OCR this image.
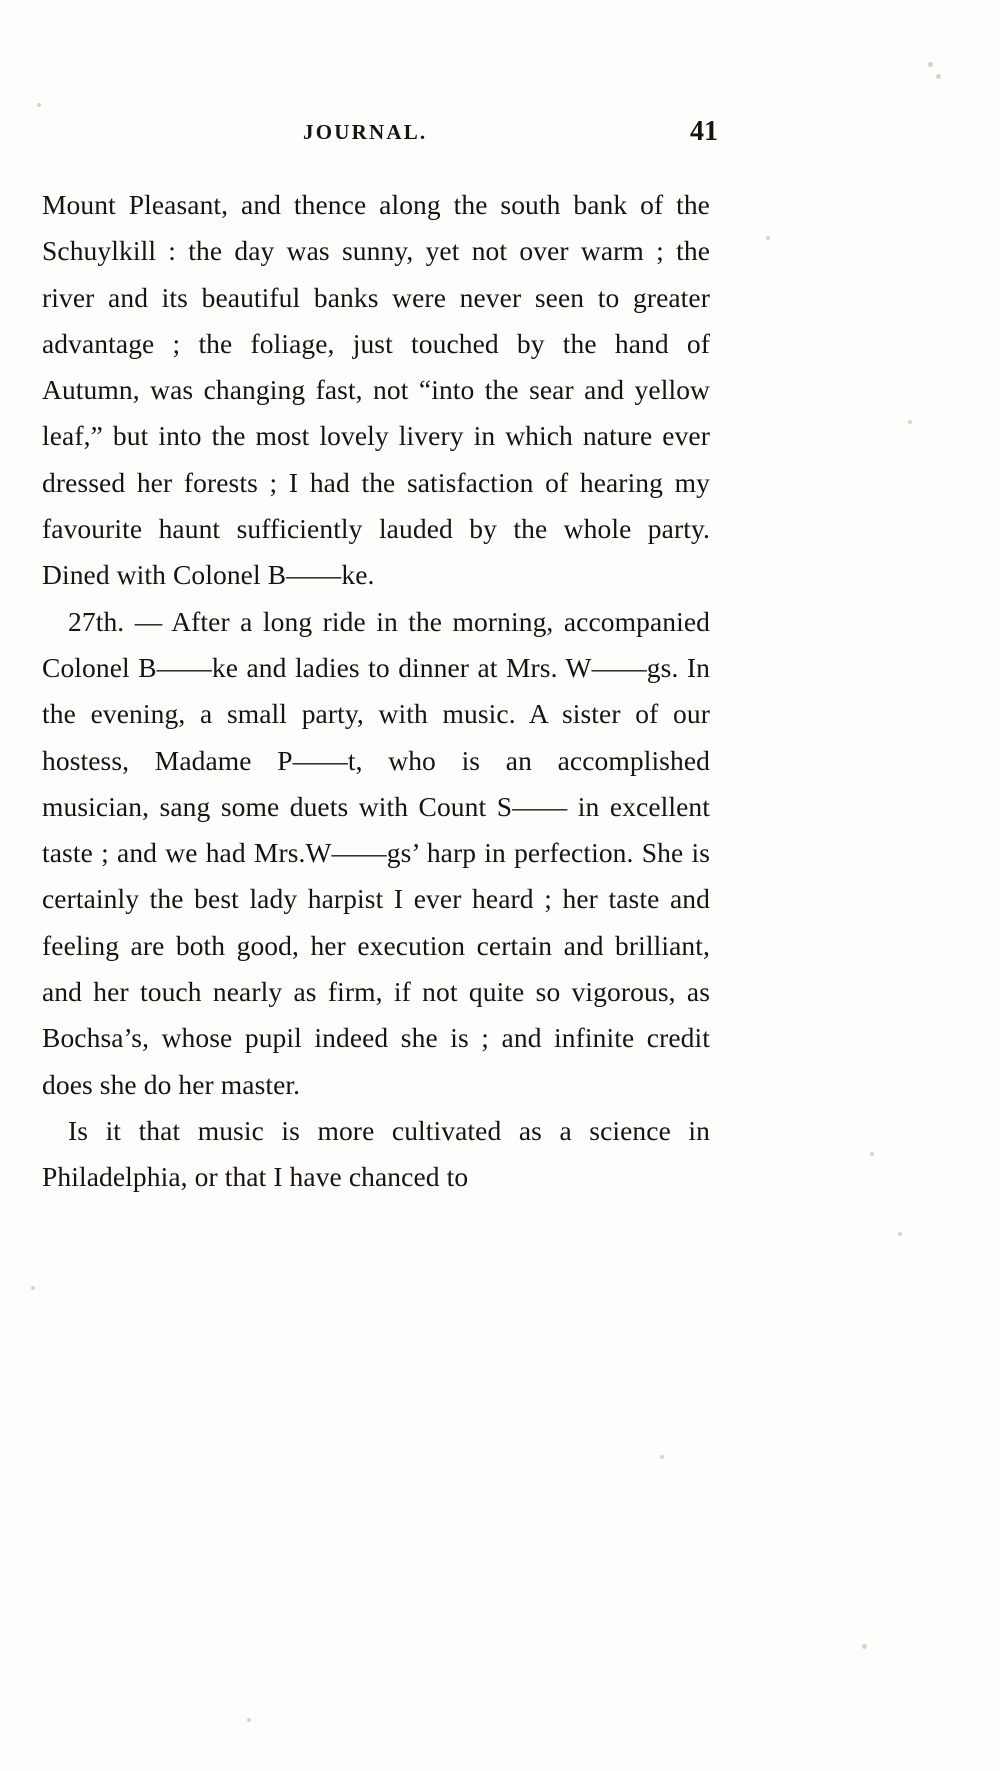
JOURNAL.	41

Mount Pleasant, and thence along the south bank of the Schuylkill : the day was sunny, yet not over warm ; the river and its beautiful banks were never seen to greater advantage ; the foliage, just touched by the hand of Autumn, was changing fast, not “into the sear and yellow leaf,” but into the most lovely livery in which nature ever dressed her forests ; I had the satisfaction of hearing my favourite haunt sufficiently lauded by the whole party. Dined with Colonel B——ke.

27th. — After a long ride in the morning, accompanied Colonel B——ke and ladies to dinner at Mrs. W——gs. In the evening, a small party, with music. A sister of our hostess, Madame P——t, who is an accomplished musician, sang some duets with Count S—— in excellent taste ; and we had Mrs.W——gs’ harp in perfection. She is certainly the best lady harpist I ever heard ; her taste and feeling are both good, her execution certain and brilliant, and her touch nearly as firm, if not quite so vigorous, as Bochsa’s, whose pupil indeed she is ; and infinite credit does she do her master.

Is it that music is more cultivated as a science in Philadelphia, or that I have chanced to
